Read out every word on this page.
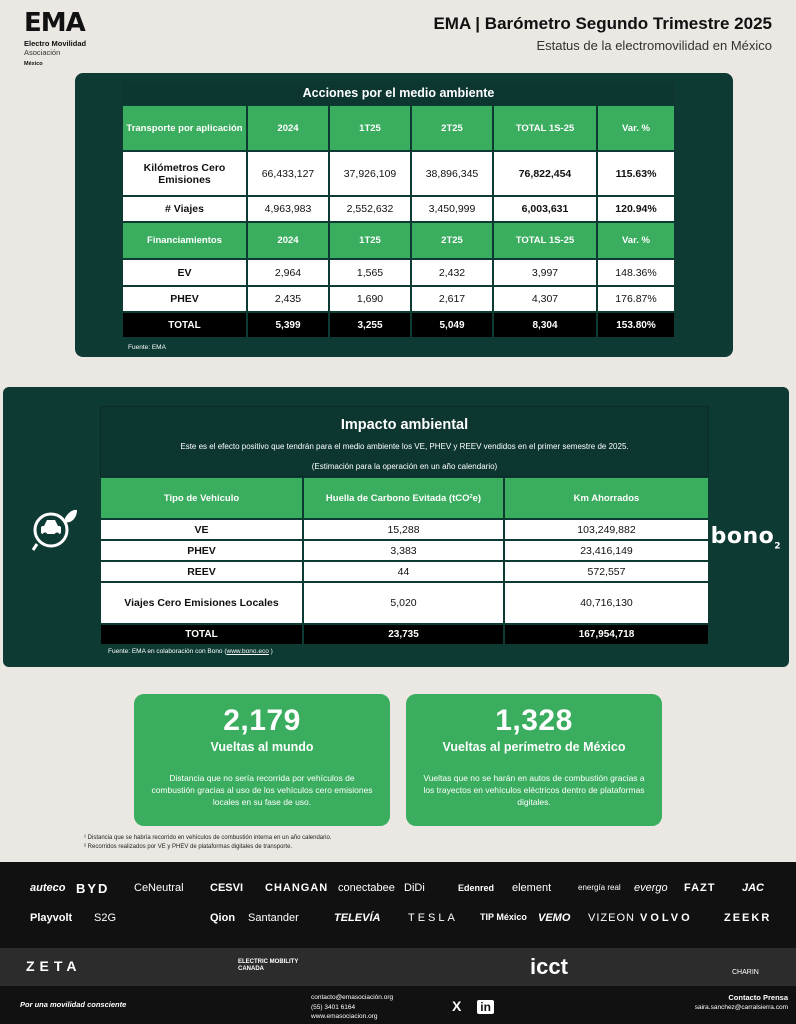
EMA
Electro Movilidad
Asociación
México
EMA | Barómetro Segundo Trimestre 2025
Estatus de la electromovilidad en México
Acciones por el medio ambiente
Transporte por aplicación	2024	1T25	2T25	TOTAL 1S-25	Var. %
Kilómetros Cero Emisiones	66,433,127	37,926,109	38,896,345	76,822,454	115.63%
# Viajes	4,963,983	2,552,632	3,450,999	6,003,631	120.94%
Financiamientos	2024	1T25	2T25	TOTAL 1S-25	Var. %
EV	2,964	1,565	2,432	3,997	148.36%
PHEV	2,435	1,690	2,617	4,307	176.87%
TOTAL	5,399	3,255	5,049	8,304	153.80%
Fuente: EMA
bono$_2$
Impacto ambiental
Este es el efecto positivo que tendrán para el medio ambiente los VE, PHEV y REEV vendidos en el primer semestre de 2025.
(Estimación para la operación en un año calendario)
Tipo de Vehículo	Huella de Carbono Evitada (tCO²e)	Km Ahorrados
VE	15,288	103,249,882
PHEV	3,383	23,416,149
REEV	44	572,557
Viajes Cero Emisiones Locales	5,020	40,716,130
TOTAL	23,735	167,954,718
Fuente: EMA en colaboración con Bono (www.bono.eco )
2,179
Vueltas al mundo
Distancia que no sería recorrida por vehículos de combustión gracias al uso de los vehículos cero emisiones locales en su fase de uso.
1,328
Vueltas al perímetro de México
Vueltas que no se harán en autos de combustión gracias a los trayectos en vehículos eléctricos dentro de plataformas digitales.
¹ Distancia que se habría recorrido en vehículos de combustión interna en un año calendario.
² Recorridos realizados por VE y PHEV de plataformas digitales de transporte.
auteco BYD CeNeutral CESVI CHANGAN conectabee DiDi	Edenred element	energía real evergo FAZT JAC
Playvolt S2G	Qion Santander	TELEVÍA	TESLA TIP México VEMO VIZEON VOLVO	ZEEKR
ZETA	ELECTRIC MOBILITY CANADA	icct	CHARIN
Por una movilidad consciente
contacto@emasociación.org
(55) 3401 6164
www.emasociacion.org
X in
Contacto Prensa
saira.sanchez@carralsierra.com
